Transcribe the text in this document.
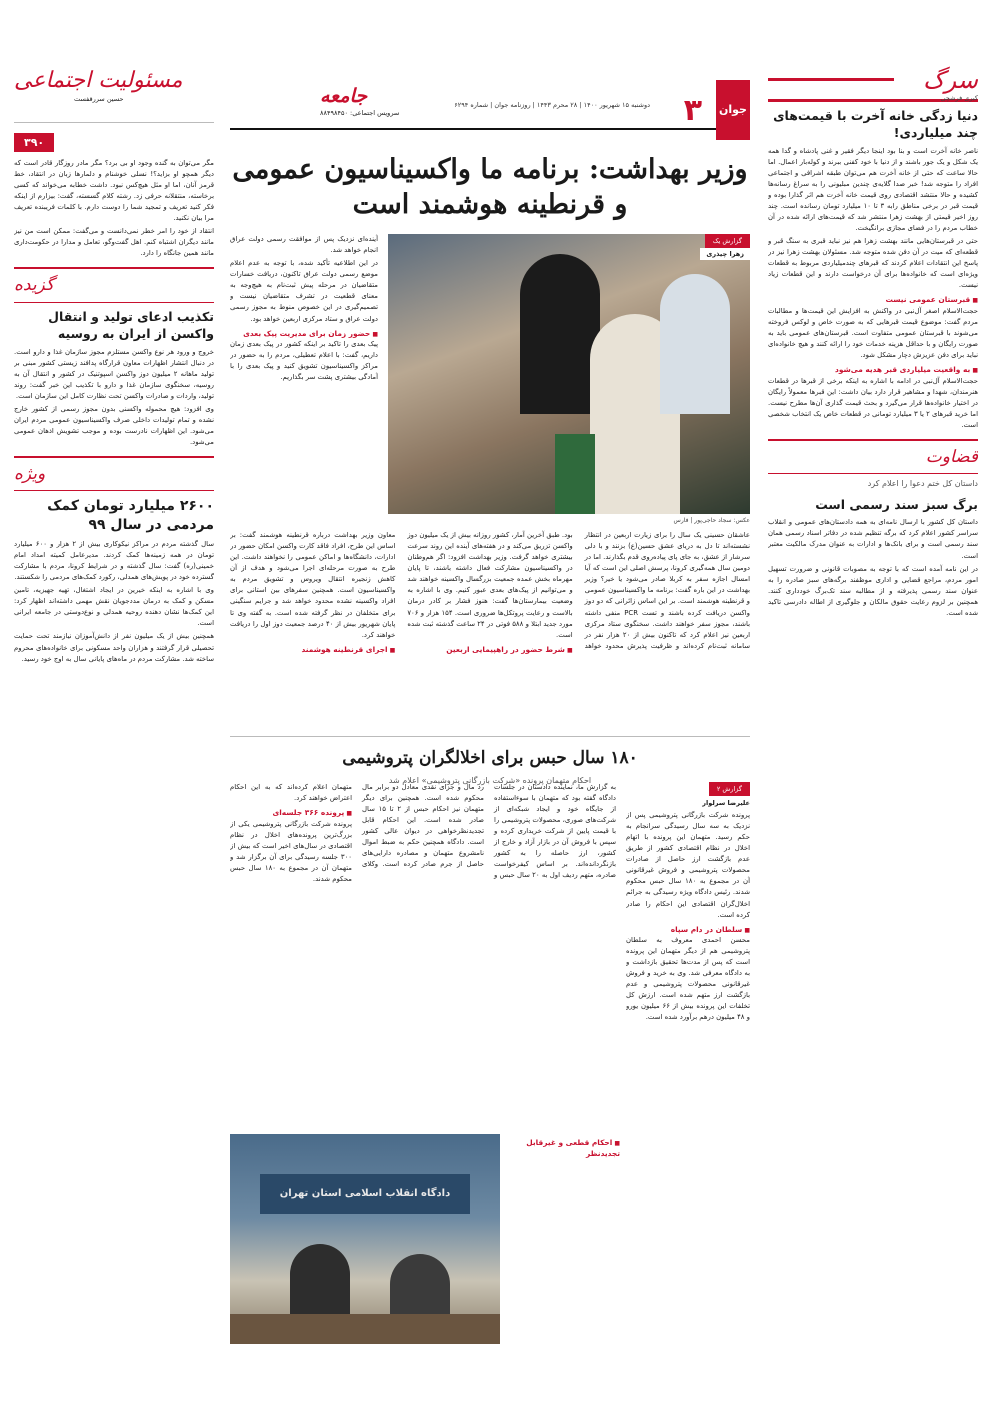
سرگ
کبری فرشچی
دنیا زدگی خانه آخرت با قیمت‌های چند میلیاردی!

ناصر خانه آخرت است و بنا بود اینجا دیگر فقیر و غنی پادشاه و گدا همه یک شکل و یک جور باشند و از دنیا با خود کفنی ببرند و کوله‌بار اعمال. اما حالا ساعت که حتی از خانه آخرت هم می‌توان طبقه اشرافی و اجتماعی افراد را متوجه شد! خبر صدا گلایه‌ی چندین مبلیونی را به سراغ رسانه‌ها کشیده و حالا منتشد اقتصادی روی قیمت خانه آخرت هم اثر گذارا بوده و قیمت قبر در برخی مناطق رابه ۳ تا ۱۰ میلیارد تومان رسانده است. چند روز اخیر قیمتی از بهشت زهرا منتشر شد که قیمت‌های ارائه شده در آن خطاب مردم را در فضای مجازی برانگیخت.

حتی در قبرستان‌هایی مانند بهشت زهرا هم نیز نباید قبری به سنگ قبر و قطعه‌ای که میت در آن دفن شده متوجه شد. مسئولان بهشت زهرا نیز در پاسخ این انتقادات اعلام کردند که قبرهای چندمیلیاردی مربوط به قطعات ویژه‌ای است که خانواده‌ها برای آن درخواست دارند و این قطعات زیاد نیست.

■ قبرستان عمومی نیست

حجت‌الاسلام اصغر آل‌نبی در واکنش به افزایش این قیمت‌ها و مطالبات مردم گفت: موضوع قیمت قبرهایی که به صورت خاص و لوکس فروخته می‌شوند با قبرستان عمومی متفاوت است. قبرستان‌های عمومی باید به صورت رایگان و با حداقل هزینه خدمات خود را ارائه کنند و هیچ خانواده‌ای نباید برای دفن عزیزش دچار مشکل شود.

■ به واقعیت میلیاردی قبر هدیه می‌شود

حجت‌الاسلام آل‌نبی در ادامه با اشاره به اینکه برخی از قبرها در قطعات هنرمندان، شهدا و مشاهیر قرار دارد بیان داشت: این قبرها معمولاً رایگان در اختیار خانواده‌ها قرار می‌گیرد و بحث قیمت گذاری آن‌ها مطرح نیست. اما خرید قبرهای ۲ یا ۳ میلیارد تومانی در قطعات خاص یک انتخاب شخصی است.

قضاوت
داستان کل ختم دعوا را اعلام کرد
برگ سبز سند رسمی است

داستان کل کشور با ارسال نامه‌ای به همه دادستان‌های عمومی و انقلاب سراسر کشور اعلام کرد که برگه تنظیم شده در دفاتر اسناد رسمی همان سند رسمی است و برای بانک‌ها و ادارات به عنوان مدرک مالکیت معتبر است.

در این نامه آمده است که با توجه به مصوبات قانونی و ضرورت تسهیل امور مردم، مراجع قضایی و اداری موظفند برگه‌های سبز صادره را به عنوان سند رسمی پذیرفته و از مطالبه سند تک‌برگ خودداری کنند. همچنین بر لزوم رعایت حقوق مالکان و جلوگیری از اطاله دادرسی تاکید شده است.

مسئولیت اجتماعی
حسین سررقفست
۳۹۰

مگر می‌توان به گنده وجود او بی برد؟ مگر مادر روزگار قادر است که دیگر همچو او بزاید؟! نسلی خوشنام و دلمارها زبان در انتقاد، خط قرمز آنان، اما او مثل هیچ‌کس نبود. داشت خطابه می‌خواند که کسی برخاسته، منتقلانه حرفی زد. رشته کلام گسسته، گفت: بیزارم از اینکه فکر کنید تعریف و تمجید شما را دوست دارم. با کلمات فریبنده تعریف مرا بیان نکنید.

انتقاد از خود را امر خطر نمی‌دانست و می‌گفت: ممکن است من نیز مانند دیگران اشتباه کنم. اهل گفت‌وگو، تعامل و مدارا در حکومت‌داری مانند همین جانگاه را دارد.

گزیده
تکذیب ادعای تولید و انتقال واکسن از ایران به روسیه

خروج و ورود هر نوع واکسن مستلزم مجوز سازمان غذا و دارو است. در دنبال انتشار اظهارات معاون قرارگاه پدافند زیستی کشور مبنی بر تولید ماهانه ۲ میلیون دوز واکسن اسپوتنیک در کشور و انتقال آن به روسیه، سخنگوی سازمان غذا و دارو با تکذیب این خبر گفت: روند تولید، واردات و صادرات واکسن تحت نظارت کامل این سازمان است.

وی افزود: هیچ محموله واکسنی بدون مجوز رسمی از کشور خارج نشده و تمام تولیدات داخلی صرف واکسیناسیون عمومی مردم ایران می‌شود. این اظهارات نادرست بوده و موجب تشویش اذهان عمومی می‌شود.

ویژه
۲۶۰۰ میلیارد تومان کمک مردمی در سال ۹۹

سال گذشته مردم در مراکز نیکوکاری بیش از ۲ هزار و ۶۰۰ میلیارد تومان در همه زمینه‌ها کمک کردند. مدیرعامل کمیته امداد امام خمینی(ره) گفت: سال گذشته و در شرایط کرونا، مردم با مشارکت گسترده خود در پویش‌های همدلی، رکورد کمک‌های مردمی را شکستند.

وی با اشاره به اینکه خیرین در ایجاد اشتغال، تهیه جهیزیه، تامین مسکن و کمک به درمان مددجویان نقش مهمی داشته‌اند اظهار کرد: این کمک‌ها نشان دهنده روحیه همدلی و نوع‌دوستی در جامعه ایرانی است.

همچنین بیش از یک میلیون نفر از دانش‌آموزان نیازمند تحت حمایت تحصیلی قرار گرفتند و هزاران واحد مسکونی برای خانواده‌های محروم ساخته شد. مشارکت مردم در ماه‌های پایانی سال به اوج خود رسید.

جوان
۳
دوشنبه ۱۵ شهریور ۱۴۰۰ | ۲۸ محرم ۱۴۴۳ | روزنامه جوان | شماره ۶۲۹۴
جامعه
سرویس اجتماعی: ۸۸۴۹۸۴۵۰
وزیر بهداشت: برنامه ما واکسیناسیون عمومی و قرنطینه هوشمند است
گزارش یک
زهرا چیذری
عکس: سجاد حاجی‌پور | فارس

آینده‌ای نزدیک پس از موافقت رسمی دولت عراق انجام خواهد شد.

در این اطلاعیه تأکید شده، با توجه به عدم اعلام موضع رسمی دولت عراق تاکنون، دریافت خسارات متقاضیان در مرحله پیش ثبت‌نام به هیچ‌وجه به معنای قطعیت در تشرف متقاضیان نیست و تصمیم‌گیری در این خصوص منوط به مجوز رسمی دولت عراق و ستاد مرکزی اربعین خواهد بود.

■ حضور زمان برای مدیریت پیک بعدی

پیک بعدی را تاکید بر اینکه کشور در پیک بعدی زمان داریم، گفت: با اعلام تعطیلی، مردم را به حضور در مراکز واکسیناسیون تشویق کنید و پیک بعدی را با آمادگی بیشتری پشت سر بگذاریم.

عاشقان حسینی یک سال را برای زیارت اربعین در انتظار نشسته‌اند تا دل به دریای عشق حسین(ع) بزنند و با دلی سرشار از عشق، به جای پای پیاده‌روی قدم بگذارند. اما در دومین سال همه‌گیری کرونا، پرسش اصلی این است که آیا امسال اجازه سفر به کربلا صادر می‌شود یا خیر؟ وزیر بهداشت در این باره گفت: برنامه ما واکسیناسیون عمومی و قرنطینه هوشمند است. بر این اساس زائرانی که دو دوز واکسن دریافت کرده باشند و تست PCR منفی داشته باشند، مجوز سفر خواهند داشت. سخنگوی ستاد مرکزی اربعین نیز اعلام کرد که تاکنون بیش از ۲۰ هزار نفر در سامانه ثبت‌نام کرده‌اند و ظرفیت پذیرش محدود خواهد بود. طبق آخرین آمار، کشور روزانه بیش از یک میلیون دوز واکسن تزریق می‌کند و در هفته‌های آینده این روند سرعت بیشتری خواهد گرفت. وزیر بهداشت افزود: اگر هم‌وطنان در واکسیناسیون مشارکت فعال داشته باشند، تا پایان مهرماه بخش عمده جمعیت بزرگسال واکسینه خواهند شد و می‌توانیم از پیک‌های بعدی عبور کنیم. وی با اشاره به وضعیت بیمارستان‌ها گفت: هنوز فشار بر کادر درمان بالاست و رعایت پروتکل‌ها ضروری است. ۱۵۴ هزار و ۷۰۶ مورد جدید ابتلا و ۵۸۸ فوتی در ۲۴ ساعت گذشته ثبت شده است.

■ شرط حضور در راهپیمایی اربعین

معاون وزیر بهداشت درباره قرنطینه هوشمند گفت: بر اساس این طرح، افراد فاقد کارت واکسن امکان حضور در ادارات، دانشگاه‌ها و اماکن عمومی را نخواهند داشت. این طرح به صورت مرحله‌ای اجرا می‌شود و هدف از آن کاهش زنجیره انتقال ویروس و تشویق مردم به واکسیناسیون است. همچنین سفرهای بین استانی برای افراد واکسینه نشده محدود خواهد شد و جرایم سنگینی برای متخلفان در نظر گرفته شده است. به گفته وی تا پایان شهریور بیش از ۴۰ درصد جمعیت دوز اول را دریافت خواهند کرد.

■ اجرای قرنطینه هوشمند
۱۸۰ سال حبس برای اخلالگران پتروشیمی
احکام متهمان پرونده «شرکت بازرگانی پتروشیمی» اعلام شد
گزارش ۲
علیرضا سرلوار

پرونده شرکت بازرگانی پتروشیمی پس از نزدیک به سه سال رسیدگی سرانجام به حکم رسید. متهمان این پرونده با اتهام اخلال در نظام اقتصادی کشور از طریق عدم بازگشت ارز حاصل از صادرات محصولات پتروشیمی و فروش غیرقانونی آن در مجموع به ۱۸۰ سال حبس محکوم شدند. رئیس دادگاه ویژه رسیدگی به جرائم اخلال‌گران اقتصادی این احکام را صادر کرده است.

■ سلطان در دام سپاه

محسن احمدی معروف به سلطان پتروشیمی هم از دیگر متهمان این پرونده است که پس از مدت‌ها تحقیق بازداشت و به دادگاه معرفی شد. وی به خرید و فروش غیرقانونی محصولات پتروشیمی و عدم بازگشت ارز متهم شده است. ارزش کل تخلفات این پرونده بیش از ۶۶ میلیون یورو و ۴۸ میلیون درهم برآورد شده است.

به گزارش ما، نماینده دادستان در جلسات دادگاه گفته بود که متهمان با سوءاستفاده از جایگاه خود و ایجاد شبکه‌ای از شرکت‌های صوری، محصولات پتروشیمی را با قیمت پایین از شرکت خریداری کرده و سپس با فروش آن در بازار آزاد و خارج از کشور، ارز حاصله را به کشور بازنگردانده‌اند. بر اساس کیفرخواست صادره، متهم ردیف اول به ۲۰ سال حبس و رد مال و جزای نقدی معادل دو برابر مال محکوم شده است. همچنین برای دیگر متهمان نیز احکام حبس از ۲ تا ۱۵ سال صادر شده است. این احکام قابل تجدیدنظرخواهی در دیوان عالی کشور است. دادگاه همچنین حکم به ضبط اموال نامشروع متهمان و مصادره دارایی‌های حاصل از جرم صادر کرده است. وکلای متهمان اعلام کرده‌اند که به این احکام اعتراض خواهند کرد.

■ پرونده ۳۶۶ جلسه‌ای

پرونده شرکت بازرگانی پتروشیمی یکی از بزرگ‌ترین پرونده‌های اخلال در نظام اقتصادی در سال‌های اخیر است که بیش از ۳۰۰ جلسه رسیدگی برای آن برگزار شد و متهمان آن در مجموع به ۱۸۰ سال حبس محکوم شدند.

■ احکام قطعی و غیرقابل تجدیدنظر
دادگاه انقلاب اسلامی استان تهران
